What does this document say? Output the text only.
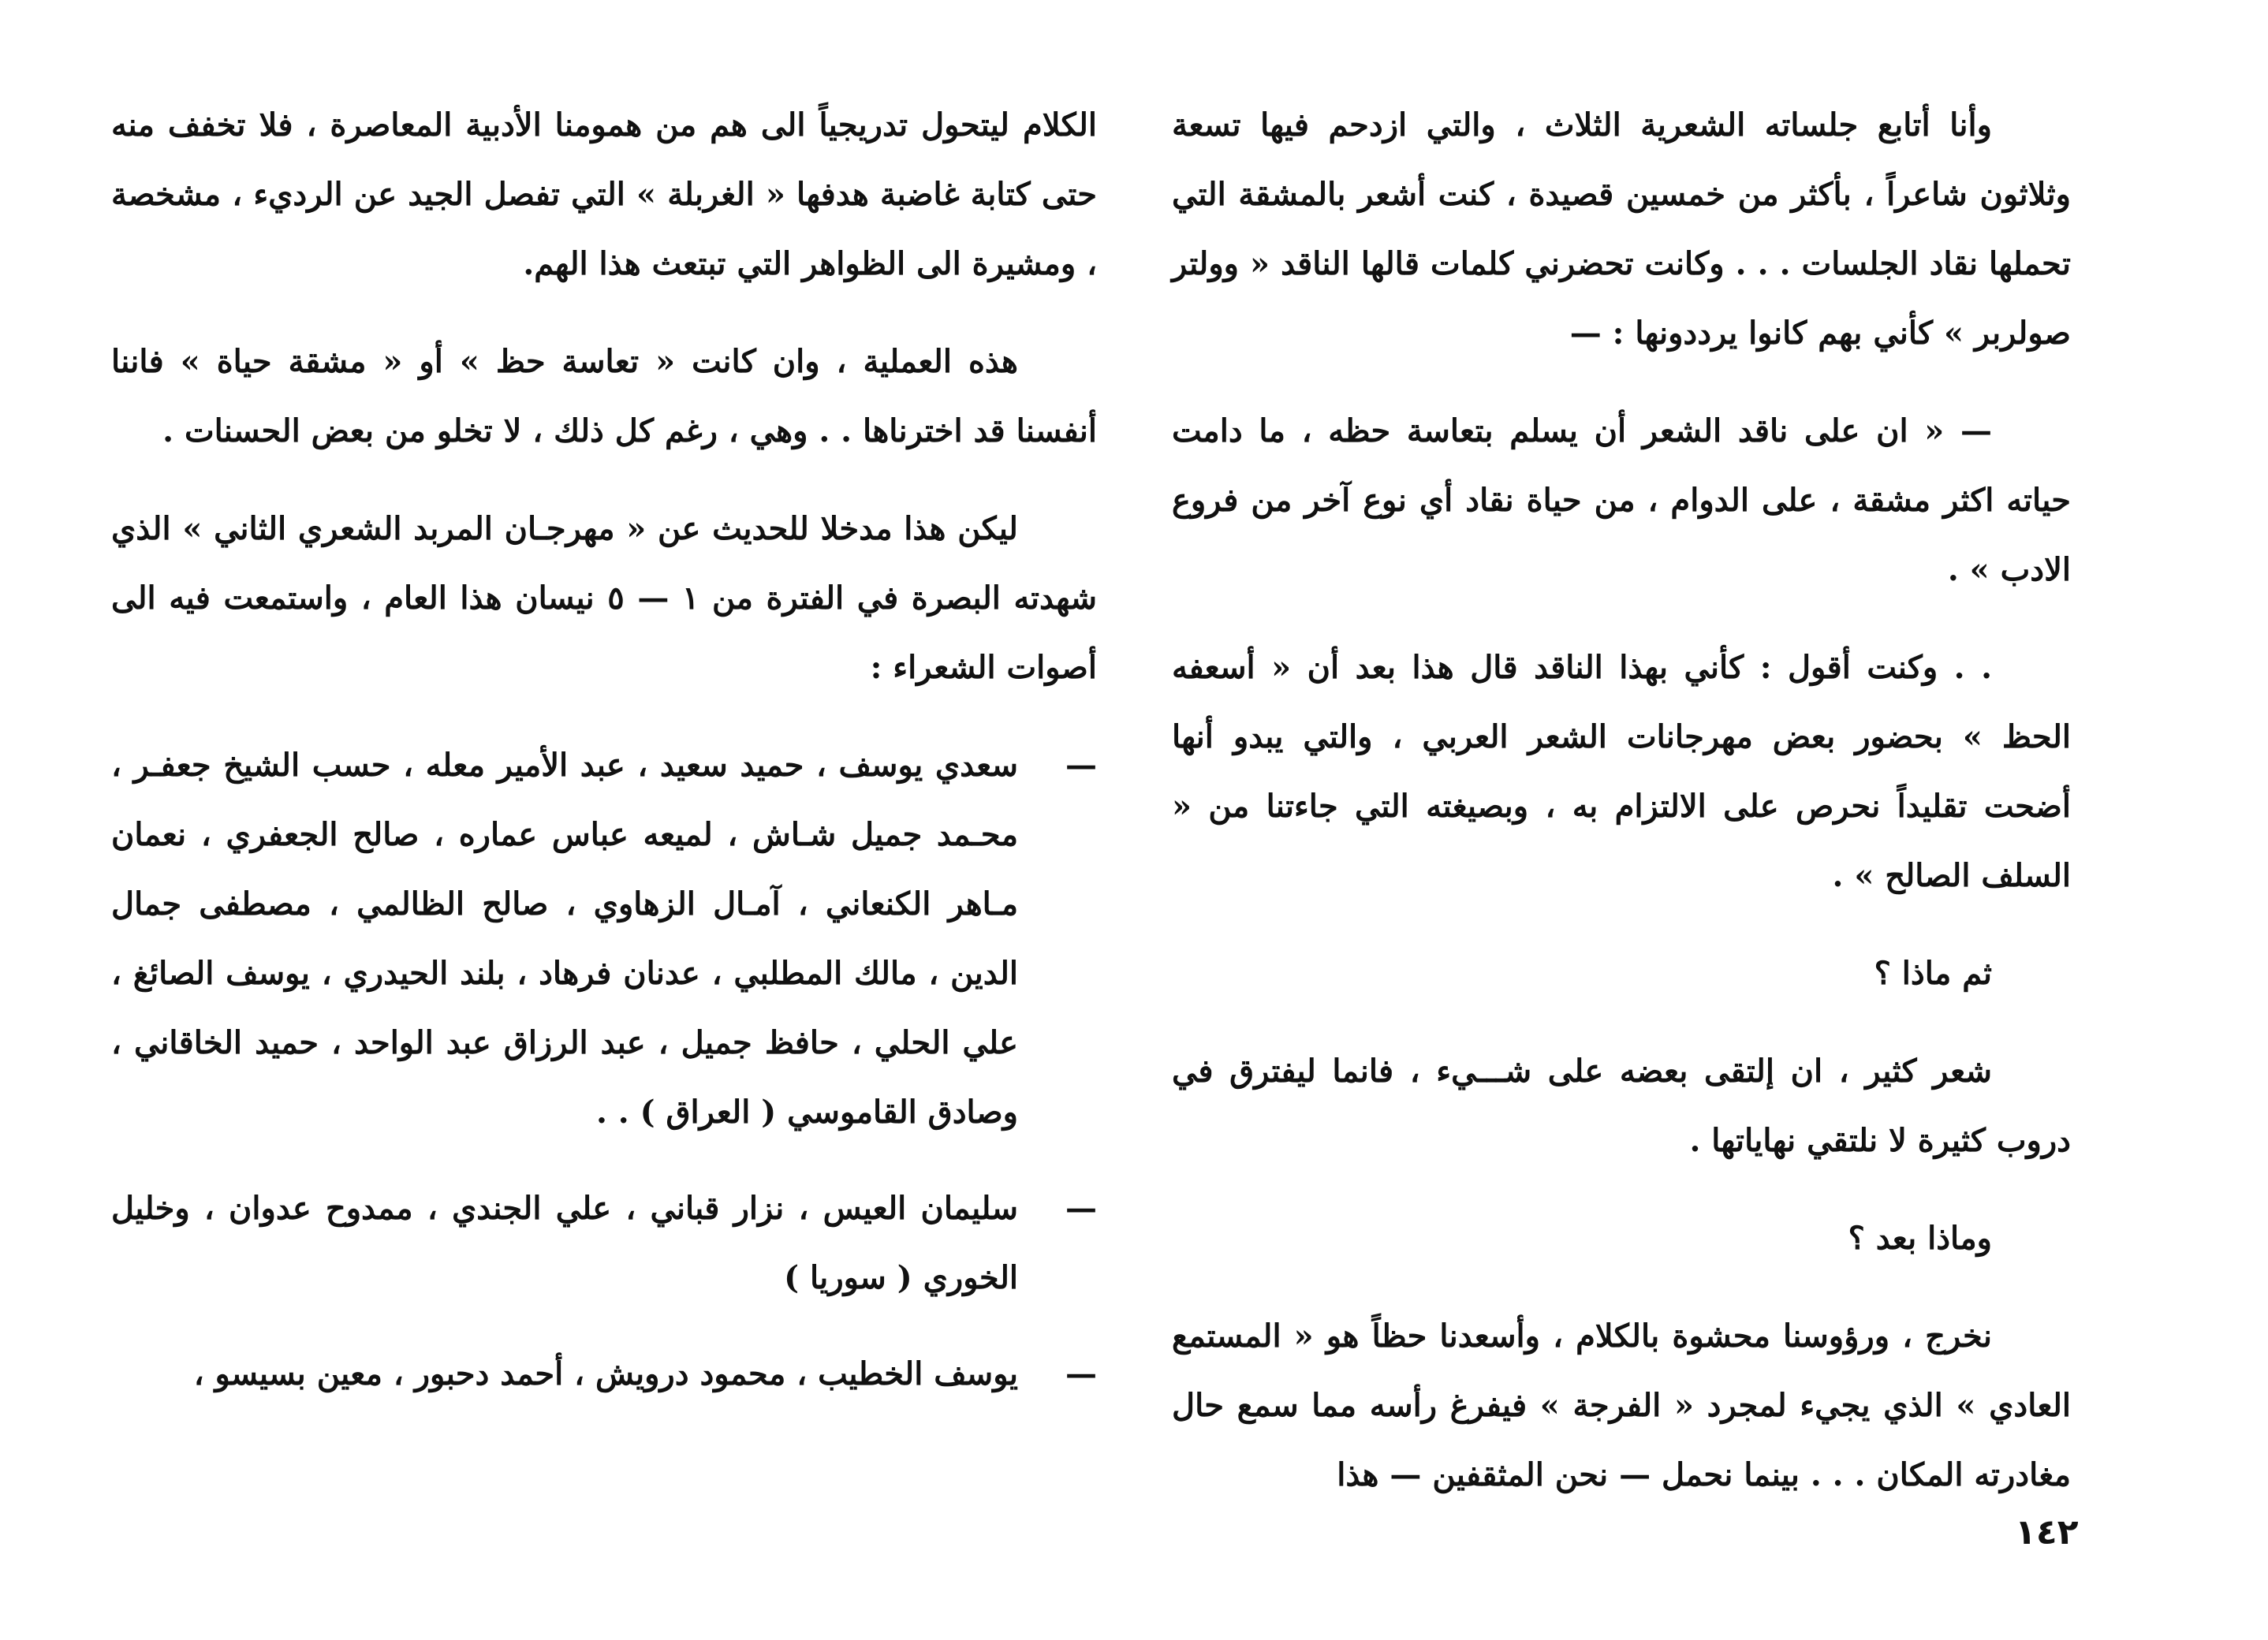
وأنا أتابع جلساته الشعرية الثلاث ، والتي ازدحم فيها تسعة وثلاثون شاعراً ، بأكثر من خمسين قصيدة ، كنت أشعر بالمشقة التي تحملها نقاد الجلسات . . . وكانت تحضرني كلمات قالها الناقد « وولتر صولربر » كأني بهم كانوا يرددونها : —

— « ان على ناقد الشعر أن يسلم بتعاسة حظه ، ما دامت حياته اكثر مشقة ، على الدوام ، من حياة نقاد أي نوع آخر من فروع الادب » .

. . وكنت أقول : كأني بهذا الناقد قال هذا بعد أن « أسعفه الحظ » بحضور بعض مهرجانات الشعر العربي ، والتي يبدو أنها أضحت تقليداً نحرص على الالتزام به ، وبصيغته التي جاءتنا من « السلف الصالح » .

ثم ماذا ؟

شعر كثير ، ان إلتقى بعضه على شـــيء ، فانما ليفترق في دروب كثيرة لا نلتقي نهاياتها .

وماذا بعد ؟

نخرج ، ورؤوسنا محشوة بالكلام ، وأسعدنا حظاً هو « المستمع العادي » الذي يجيء لمجرد « الفرجة » فيفرغ رأسه مما سمع حال مغادرته المكان . . . بينما نحمل — نحن المثقفين — هذا

الكلام ليتحول تدريجياً الى هم من همومنا الأدبية المعاصرة ، فلا تخفف منه حتى كتابة غاضبة هدفها « الغربلة » التي تفصل الجيد عن الرديء ، مشخصة ، ومشيرة الى الظواهر التي تبتعث هذا الهم.

هذه العملية ، وان كانت « تعاسة حظ » أو « مشقة حياة » فاننا أنفسنا قد اخترناها . . وهي ، رغم كل ذلك ، لا تخلو من بعض الحسنات .

ليكن هذا مدخلا للحديث عن « مهرجـان المربد الشعري الثاني » الذي شهدته البصرة في الفترة من ١ — ٥ نيسان هذا العام ، واستمعت فيه الى أصوات الشعراء :

—
سعدي يوسف ، حميد سعيد ، عبد الأمير معله ، حسب الشيخ جعفـر ، محـمد جميل شـاش ، لميعه عباس عماره ، صالح الجعفري ، نعمان مـاهر الكنعاني ، آمـال الزهاوي ، صالح الظالمي ، مصطفى جمال الدين ، مالك المطلبي ، عدنان فرهاد ، بلند الحيدري ، يوسف الصائغ ، علي الحلي ، حافظ جميل ، عبد الرزاق عبد الواحد ، حميد الخاقاني ، وصادق القاموسي ( العراق ) . .
—
سليمان العيس ، نزار قباني ، علي الجندي ، ممدوح عدوان ، وخليل الخوري ( سوريا )
—
يوسف الخطيب ، محمود درويش ، أحمد دحبور ، معين بسيسو ،
١٤٢
